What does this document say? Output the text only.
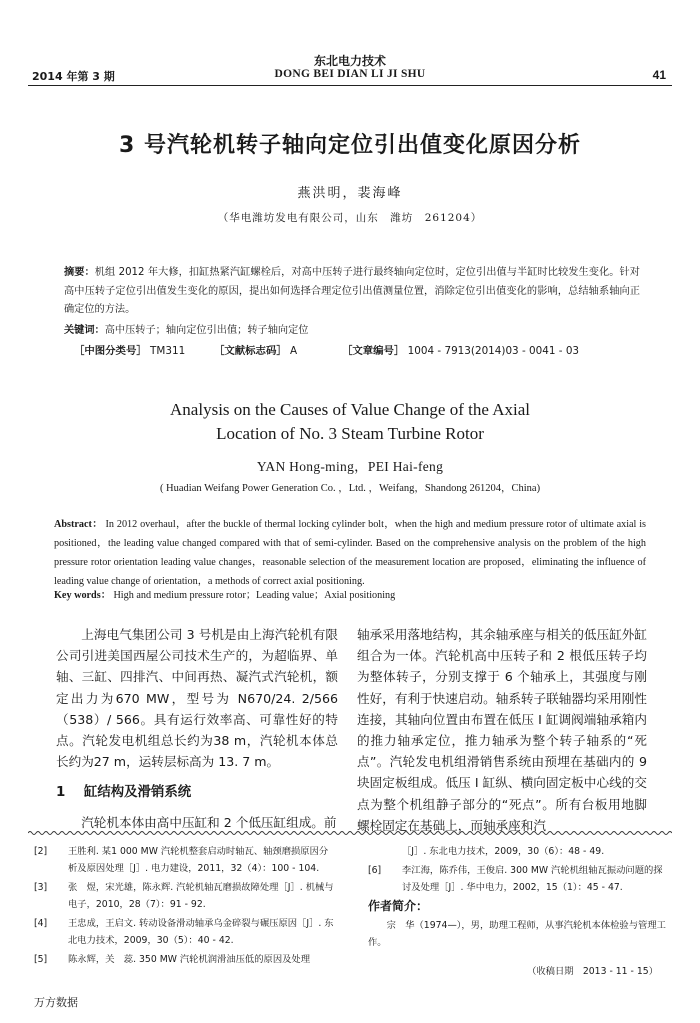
东北电力技术
2014 年第 3 期	DONG BEI DIAN LI JI SHU	41
3 号汽轮机转子轴向定位引出值变化原因分析
燕洪明，裴海峰
（华电潍坊发电有限公司，山东　潍坊　261204）
摘要：机组 2012 年大修，扣缸热紧汽缸螺栓后，对高中压转子进行最终轴向定位时，定位引出值与半缸时比较发生变化。针对高中压转子定位引出值发生变化的原因，提出如何选择合理定位引出值测量位置，消除定位引出值变化的影响，总结轴系轴向正确定位的方法。
关键词：高中压转子；轴向定位引出值；转子轴向定位
［中图分类号］ TM311	［文献标志码］ A	［文章编号］ 1004 - 7913(2014)03 - 0041 - 03
Analysis on the Causes of Value Change of the Axial
Location of No. 3 Steam Turbine Rotor
YAN Hong-ming，PEI Hai-feng
( Huadian Weifang Power Generation Co. ，Ltd. ，Weifang，Shandong 261204，China)
Abstract： In 2012 overhaul，after the buckle of thermal locking cylinder bolt，when the high and medium pressure rotor of ultimate axial is positioned，the leading value changed compared with that of semi-cylinder. Based on the comprehensive analysis on the problem of the high pressure rotor orientation leading value changes，reasonable selection of the measurement location are proposed，eliminating the influence of leading value change of orientation，a methods of correct axial positioning.
Key words： High and medium pressure rotor；Leading value；Axial positioning

上海电气集团公司 3 号机是由上海汽轮机有限公司引进美国西屋公司技术生产的，为超临界、单轴、三缸、四排汽、中间再热、凝汽式汽轮机，额定出力为670 MW，型号为 N670/24. 2/566（538）/ 566。具有运行效率高、可靠性好的特点。汽轮发电机组总长约为38 m，汽轮机本体总长约为27 m，运转层标高为 13. 7 m。

1 缸结构及滑销系统

汽轮机本体由高中压缸和 2 个低压缸组成。前

轴承采用落地结构，其余轴承座与相关的低压缸外缸组合为一体。汽轮机高中压转子和 2 根低压转子均为整体转子，分别支撑于 6 个轴承上，其强度与刚性好，有利于快速启动。轴系转子联轴器均采用刚性连接，其轴向位置由布置在低压 I 缸调阀端轴承箱内的推力轴承定位，推力轴承为整个转子轴系的“死点”。汽轮发电机组滑销售系统由预埋在基础内的 9 块固定板组成。低压 I 缸纵、横向固定板中心线的交点为整个机组静子部分的“死点”。所有台板用地脚螺栓固定在基础上，而轴承座和汽

[2] 王胜利. 某1 000 MW 汽轮机整套启动时轴瓦、轴颈磨损原因分析及原因处理［J］. 电力建设，2011，32（4）：100 - 104.
[3] 张　煜，宋光雄，陈永辉. 汽轮机轴瓦磨损故障处理［J］. 机械与电子，2010，28（7）：91 - 92.
[4] 王忠成，王启文. 转动设备滑动轴承乌金碎裂与碾压原因［J］. 东北电力技术，2009，30（5）：40 - 42.
[5] 陈永辉，关　蕊. 350 MW 汽轮机润滑油压低的原因及处理
［J］. 东北电力技术，2009，30（6）：48 - 49.
[6] 李江海，陈乔伟，王俊启. 300 MW 汽轮机组轴瓦振动问题的探讨及处理［J］. 华中电力，2002，15（1）：45 - 47.
作者简介：
宗　华（1974—），男，助理工程师，从事汽轮机本体检验与管理工作。
（收稿日期　2013 - 11 - 15）
万方数据
